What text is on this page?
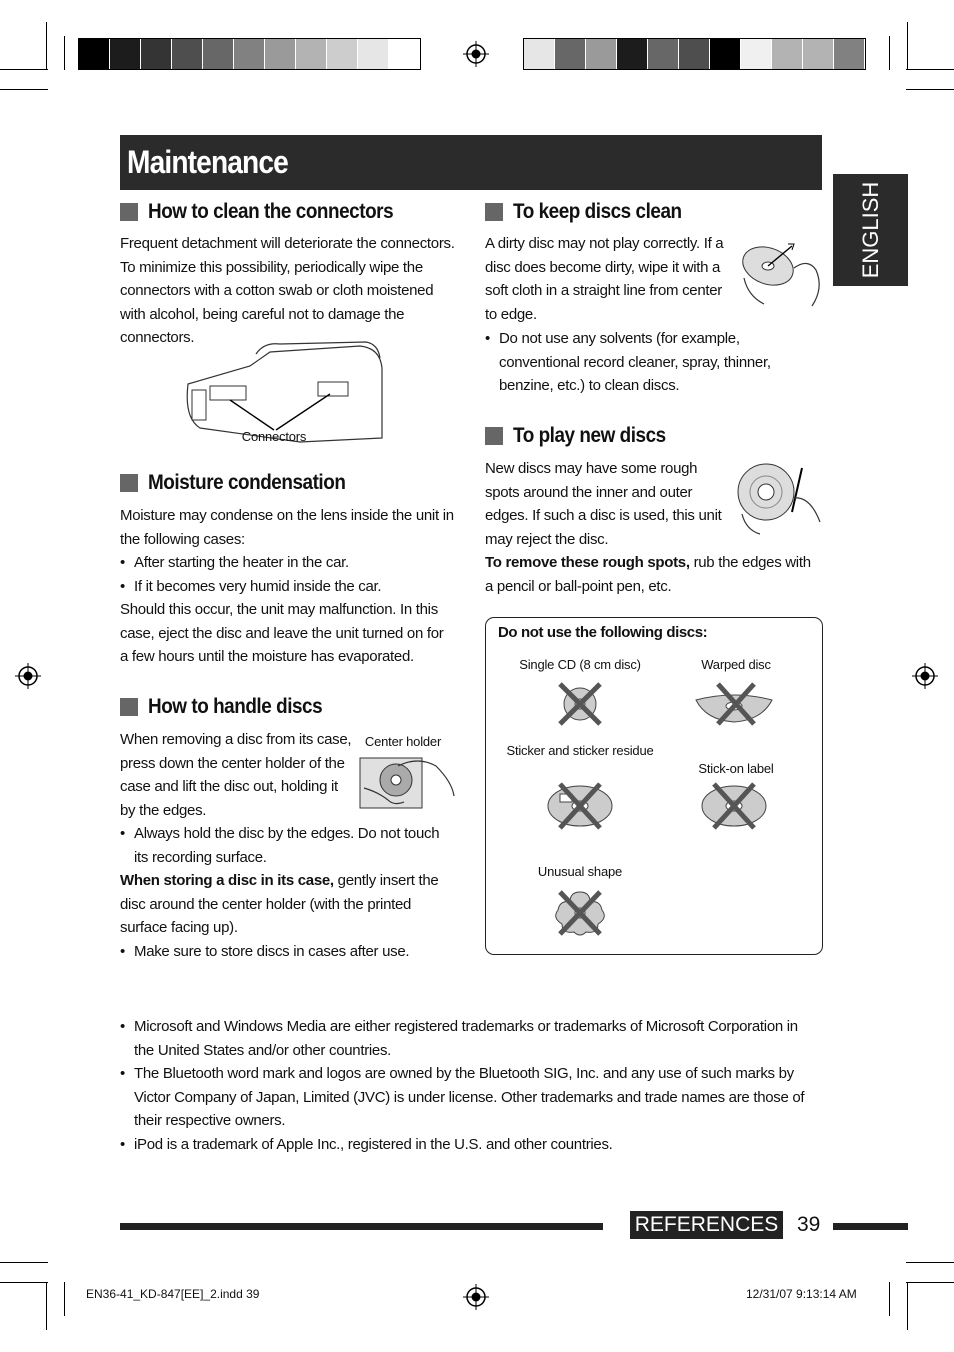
Maintenance
ENGLISH
How to clean the connectors

Frequent detachment will deteriorate the connectors. To minimize this possibility, periodically wipe the connectors with a cotton swab or cloth moistened with alcohol, being careful not to damage the connectors.

Connectors
Moisture condensation

Moisture may condense on the lens inside the unit in the following cases:

• After starting the heater in the car.

• If it becomes very humid inside the car.

Should this occur, the unit may malfunction. In this case, eject the disc and leave the unit turned on for a few hours until the moisture has evaporated.

How to handle discs

When removing a disc from its case, press down the center holder of the case and lift the disc out, holding it by the edges.

Center holder

• Always hold the disc by the edges. Do not touch its recording surface.

When storing a disc in its case, gently insert the disc around the center holder (with the printed surface facing up).

• Make sure to store discs in cases after use.

To keep discs clean

A dirty disc may not play correctly. If a disc does become dirty, wipe it with a soft cloth in a straight line from center to edge.

• Do not use any solvents (for example, conventional record cleaner, spray, thinner, benzine, etc.) to clean discs.

To play new discs

New discs may have some rough spots around the inner and outer edges. If such a disc is used, this unit may reject the disc.

To remove these rough spots, rub the edges with a pencil or ball-point pen, etc.

Do not use the following discs:
Single CD (8 cm disc)	Warped disc
Sticker and sticker residue
Stick-on label
Unusual shape

• Microsoft and Windows Media are either registered trademarks or trademarks of Microsoft Corporation in the United States and/or other countries.

• The Bluetooth word mark and logos are owned by the Bluetooth SIG, Inc. and any use of such marks by Victor Company of Japan, Limited (JVC) is under license. Other trademarks and trade names are those of their respective owners.

• iPod is a trademark of Apple Inc., registered in the U.S. and other countries.

REFERENCES 39
EN36-41_KD-847[EE]_2.indd 39	12/31/07 9:13:14 AM
